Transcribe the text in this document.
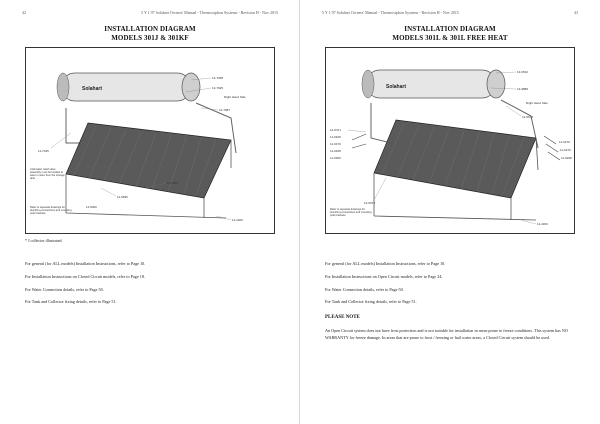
42	5 Y 1 97 Solahart Owners' Manual - Thermosiphon Systems - Revision H - Nov 2015
INSTALLATION DIAGRAM
MODELS 301J & 301KF
Solahart
13-7358
13-7925
Right Hand Side
13-7987
11-7045
11-7535
11-5696
11-5000
11-1900
Cold water relief valve assembly must be located at least 1 metre from the storage tank.
Refer to separate drawings for plumbing connections and mounting pole brackets.
* J collector illustrated.
For general (for ALL models) Installation Instructions, refer to Page 10.
For Installation Instructions on Closed Circuit models, refer to Page 18.
For Water Connection details, refer to Page 50.
For Tank and Collector fixing details, refer to Page 51.
5 Y 1 97 Solahart Owners' Manual - Thermosiphon Systems - Revision H - Nov 2015	43
INSTALLATION DIAGRAM
MODELS 301L & 301L FREE HEAT
Solahart
13-6632
13-9889
Right Hand Side
13-5674
14-6471
11-6469
11-6470
11-6468
11-6900
11-6279
11-6270
11-6268
13-6970
11-4300
Refer to separate drawings for plumbing connections and mounting pole brackets.
For general (for ALL models) Installation Instructions, refer to Page 10.
For Installation Instructions on Open Circuit models, refer to Page 24.
For Water Connection details, refer to Page 50.
For Tank and Collector fixing details, refer to Page 51.
PLEASE NOTE
An Open Circuit system does not have frost protection and is not suitable for installation in areas prone to freeze conditions. This system has NO WARRANTY for freeze damage. In areas that are prone to frost / freezing or hail water areas, a Closed Circuit system should be used.
